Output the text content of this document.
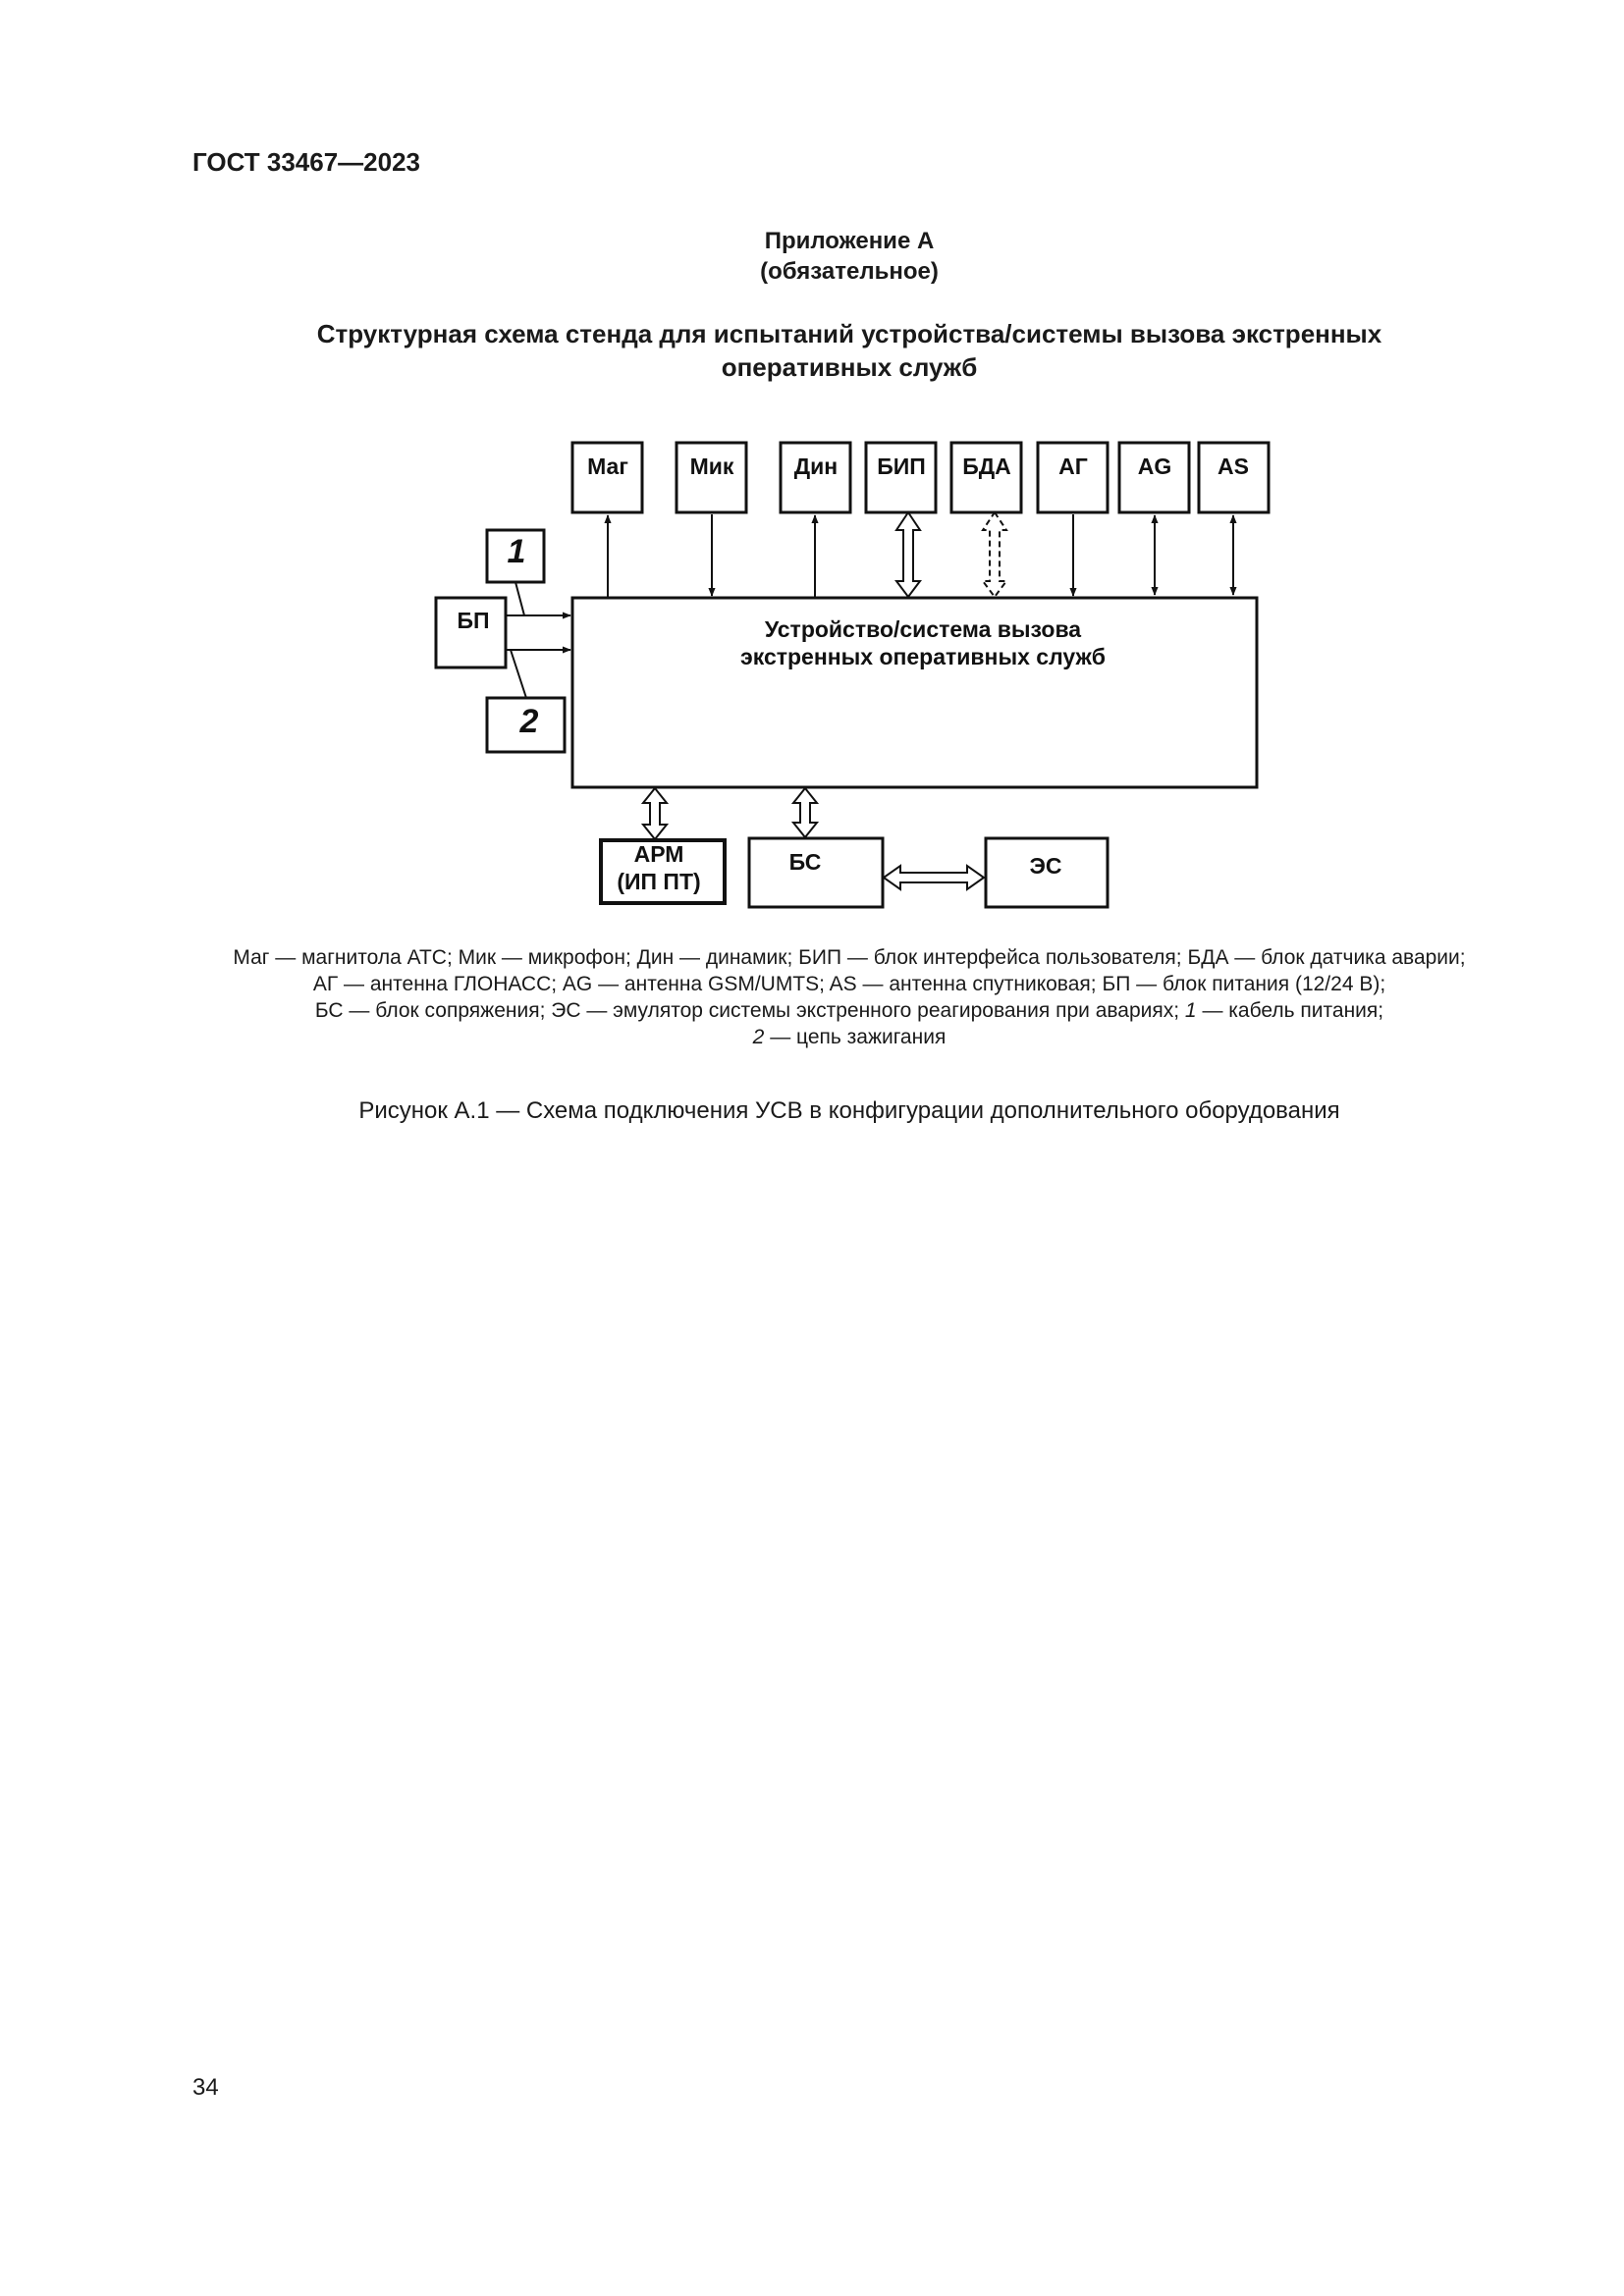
ГОСТ 33467—2023
Приложение А
(обязательное)
Структурная схема стенда для испытаний устройства/системы вызова экстренных
оперативных служб
Маг	Мик	Дин БИП БДА АГ AG AS
БП	Устройство/система вызова
экстренных оперативных служб
АРМ
(ИП ПТ)
БС	ЭС
1
2
Маг — магнитола АТС; Мик — микрофон; Дин — динамик; БИП — блок интерфейса пользователя; БДА — блок датчика аварии;
АГ — антенна ГЛОНАСС; AG — антенна GSM/UMTS; AS — антенна спутниковая; БП — блок питания (12/24 В);
БС — блок сопряжения; ЭС — эмулятор системы экстренного реагирования при авариях; 1 — кабель питания;
2 — цепь зажигания
Рисунок А.1 — Схема подключения УСВ в конфигурации дополнительного оборудования
34
